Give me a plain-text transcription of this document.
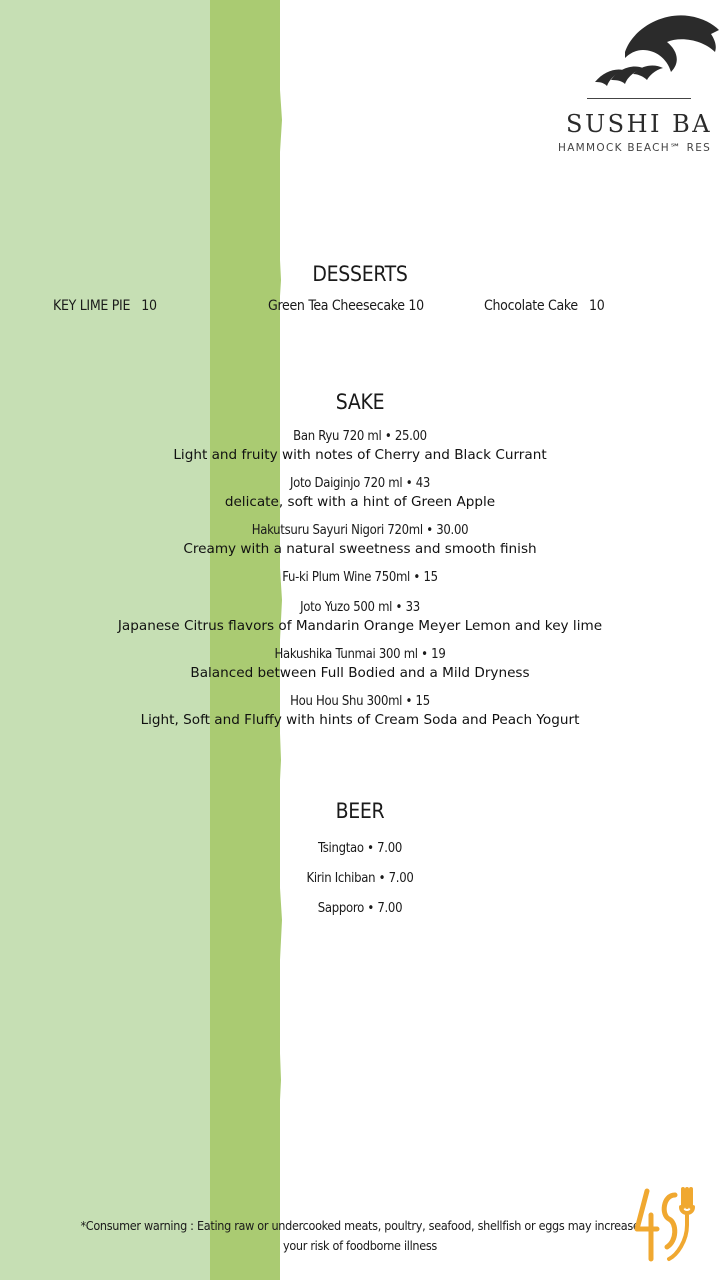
SUSHI BA
HAMMOCK BEACH℠ RES
DESSERTS
KEY LIME PIE 10	Green Tea Cheesecake 10	Chocolate Cake 10
SAKE
Ban Ryu 720 ml • 25.00
Light and fruity with notes of Cherry and Black Currant
Joto Daiginjo 720 ml • 43
delicate, soft with a hint of Green Apple
Hakutsuru Sayuri Nigori 720ml • 30.00
Creamy with a natural sweetness and smooth finish
Fu-ki Plum Wine 750ml • 15
Joto Yuzo 500 ml • 33
Japanese Citrus flavors of Mandarin Orange Meyer Lemon and key lime
Hakushika Tunmai 300 ml • 19
Balanced between Full Bodied and a Mild Dryness
Hou Hou Shu 300ml • 15
Light, Soft and Fluffy with hints of Cream Soda and Peach Yogurt
BEER
Tsingtao • 7.00
Kirin Ichiban • 7.00
Sapporo • 7.00
*Consumer warning : Eating raw or undercooked meats, poultry, seafood, shellfish or eggs may increase
your risk of foodborne illness
